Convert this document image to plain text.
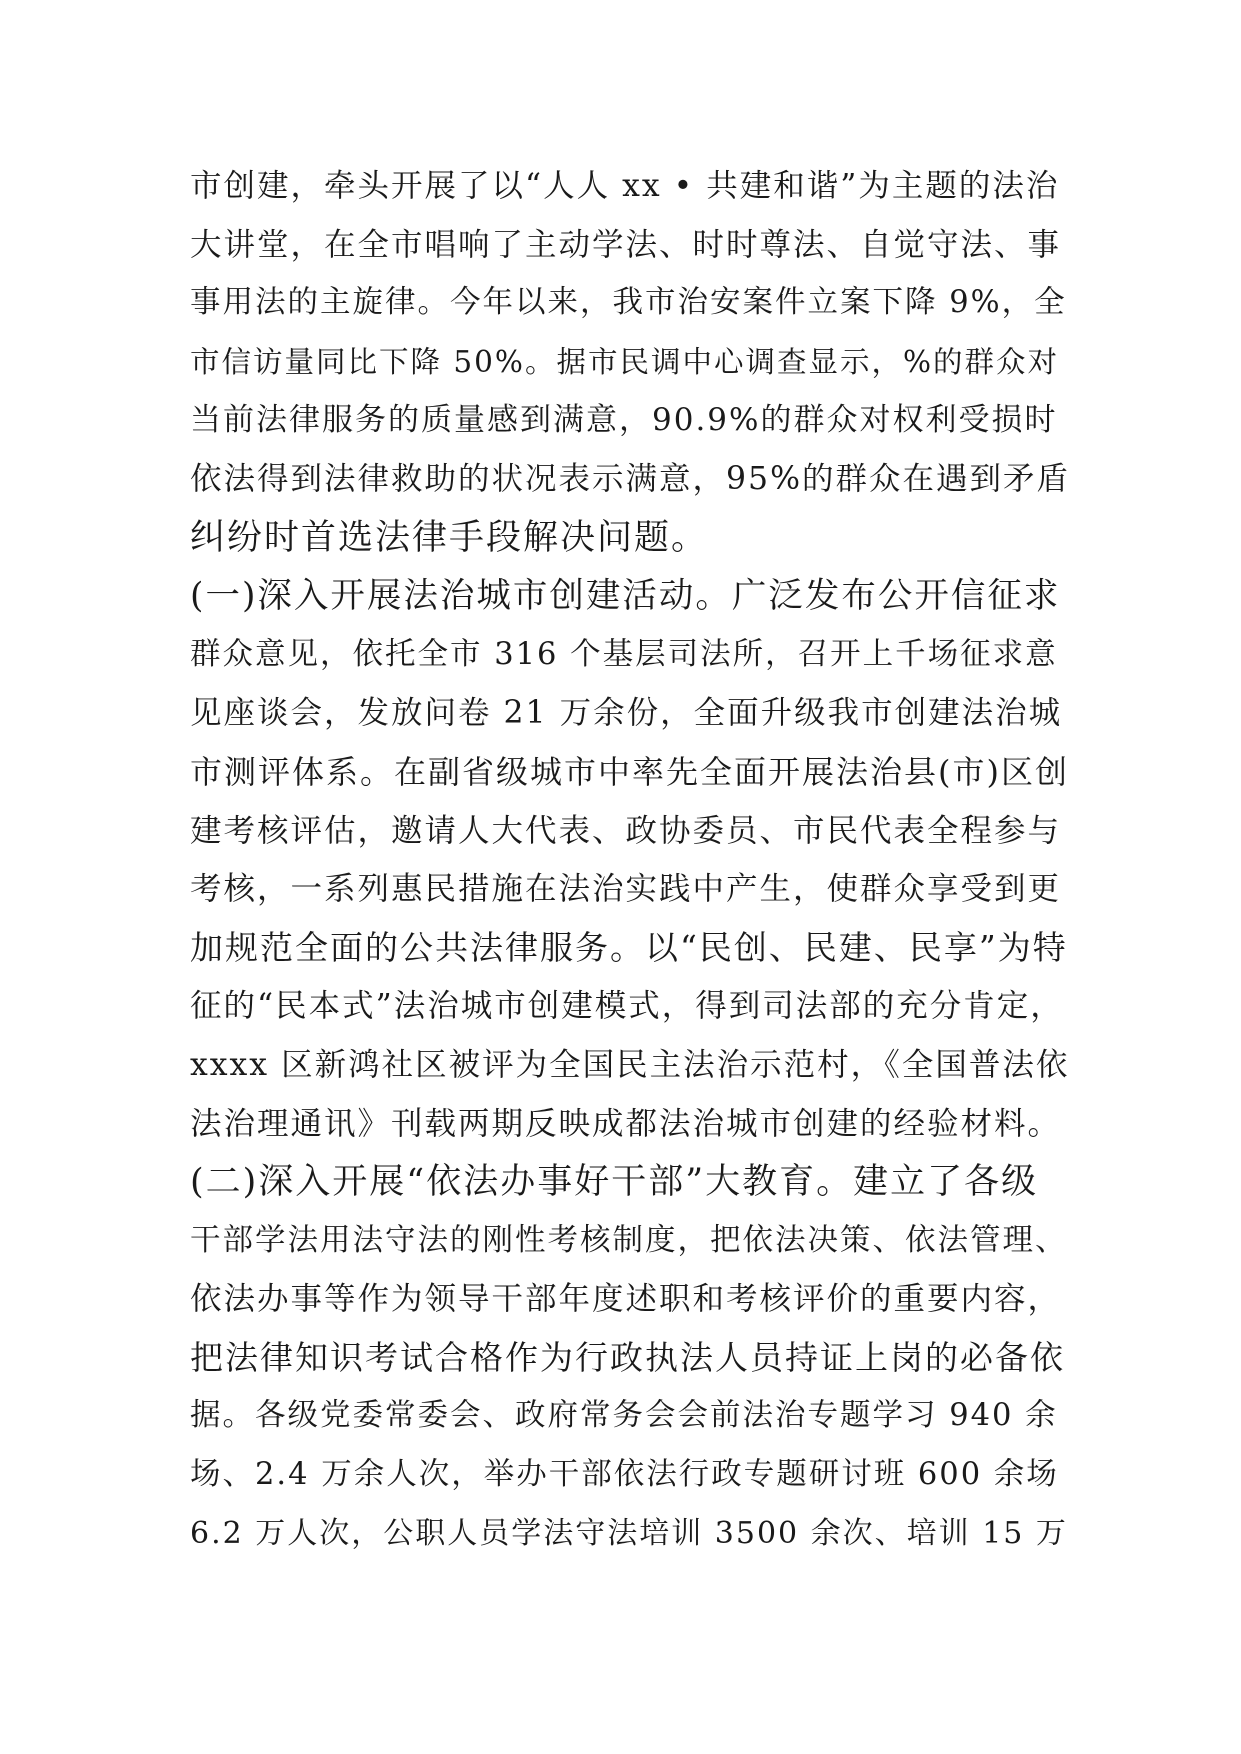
市创建，牵头开展了以“人人 xx • 共建和谐”为主题的法治
大讲堂，在全市唱响了主动学法、时时尊法、自觉守法、事
事用法的主旋律。今年以来，我市治安案件立案下降 9%，全
市信访量同比下降 50%。据市民调中心调查显示，%的群众对
当前法律服务的质量感到满意，90.9%的群众对权利受损时
依法得到法律救助的状况表示满意，95%的群众在遇到矛盾
纠纷时首选法律手段解决问题。
(一)深入开展法治城市创建活动。广泛发布公开信征求
群众意见，依托全市 316 个基层司法所，召开上千场征求意
见座谈会，发放问卷 21 万余份，全面升级我市创建法治城
市测评体系。在副省级城市中率先全面开展法治县(市)区创
建考核评估，邀请人大代表、政协委员、市民代表全程参与
考核，一系列惠民措施在法治实践中产生，使群众享受到更
加规范全面的公共法律服务。以“民创、民建、民享”为特
征的“民本式”法治城市创建模式，得到司法部的充分肯定，
xxxx 区新鸿社区被评为全国民主法治示范村，《全国普法依
法治理通讯》刊载两期反映成都法治城市创建的经验材料。
(二)深入开展“依法办事好干部”大教育。建立了各级
干部学法用法守法的刚性考核制度，把依法决策、依法管理、
依法办事等作为领导干部年度述职和考核评价的重要内容，
把法律知识考试合格作为行政执法人员持证上岗的必备依
据。各级党委常委会、政府常务会会前法治专题学习 940 余
场、2.4 万余人次，举办干部依法行政专题研讨班 600 余场
6.2 万人次，公职人员学法守法培训 3500 余次、培训 15 万
